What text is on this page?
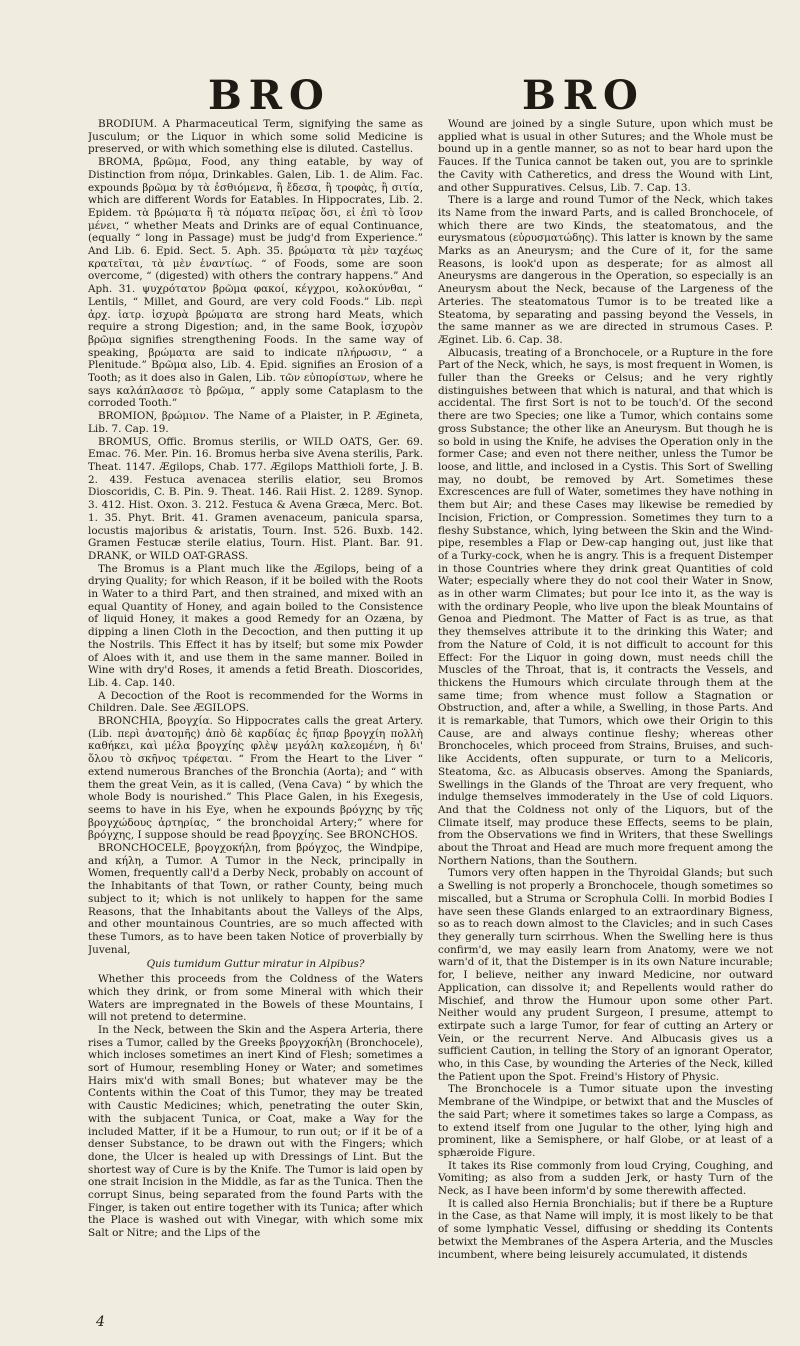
BRO	BRO

BRODIUM. A Pharmaceutical Term, signifying the same as Jusculum; or the Liquor in which some solid Medicine is preserved, or with which something else is diluted. Castellus.

BROMA, βρῶμα, Food, any thing eatable, by way of Distinction from πόμα, Drinkables. Galen, Lib. 1. de Alim. Fac. expounds βρῶμα by τὰ ἐσθιόμενα, ἢ ἔδεσα, ἢ τροφὰς, ἢ σιτία, which are different Words for Eatables. In Hippocrates, Lib. 2. Epidem. τὰ βρώματα ἢ τὰ πόματα πεῖρας ὅσι, εἰ ἐπὶ τὸ ἴσον μένει, “ whether Meats and Drinks are of equal Continuance, (equally “ long in Passage) must be judg'd from Experience.” And Lib. 6. Epid. Sect. 5. Aph. 35. βρώματα τὰ μὲν ταχέως κρατεῖται, τὰ μὲν ἐναντίως. “ of Foods, some are soon overcome, “ (digested) with others the contrary happens.” And Aph. 31. ψυχρότατον βρῶμα φακοί, κέγχροι, κολοκύνθαι, “ Lentils, “ Millet, and Gourd, are very cold Foods.” Lib. περὶ ἀρχ. ἰατρ. ἰσχυρὰ βρώματα are strong hard Meats, which require a strong Digestion; and, in the same Book, ἰσχυρὸν βρῶμα signifies strengthening Foods. In the same way of speaking, βρώματα are said to indicate πλήρωσιν, “ a Plenitude.” Βρῶμα also, Lib. 4. Epid. signifies an Erosion of a Tooth; as it does also in Galen, Lib. τῶν εὐπορίστων, where he says καλάπλασσε τὸ βρῶμα, “ apply some Cataplasm to the corroded Tooth.”

BROMION, βρώμιον. The Name of a Plaister, in P. Ægineta, Lib. 7. Cap. 19.

BROMUS, Offic. Bromus sterilis, or WILD OATS, Ger. 69. Emac. 76. Mer. Pin. 16. Bromus herba sive Avena sterilis, Park. Theat. 1147. Ægilops, Chab. 177. Ægilops Matthioli forte, J. B. 2. 439. Festuca avenacea sterilis elatior, seu Bromos Dioscoridis, C. B. Pin. 9. Theat. 146. Raii Hist. 2. 1289. Synop. 3. 412. Hist. Oxon. 3. 212. Festuca & Avena Græca, Merc. Bot. 1. 35. Phyt. Brit. 41. Gramen avenaceum, panicula sparsa, locustis majoribus & aristatis, Tourn. Inst. 526. Buxb. 142. Gramen Festucæ sterile elatius, Tourn. Hist. Plant. Bar. 91. DRANK, or WILD OAT-GRASS.

The Bromus is a Plant much like the Ægilops, being of a drying Quality; for which Reason, if it be boiled with the Roots in Water to a third Part, and then strained, and mixed with an equal Quantity of Honey, and again boiled to the Consistence of liquid Honey, it makes a good Remedy for an Ozæna, by dipping a linen Cloth in the Decoction, and then putting it up the Nostrils. This Effect it has by itself; but some mix Powder of Aloes with it, and use them in the same manner. Boiled in Wine with dry'd Roses, it amends a fetid Breath. Dioscorides, Lib. 4. Cap. 140.

A Decoction of the Root is recommended for the Worms in Children. Dale. See ÆGILOPS.

BRONCHIA, βρογχία. So Hippocrates calls the great Artery. (Lib. περὶ ἀνατομῆς) ἀπὸ δὲ καρδίας ἐς ἥπαρ βρογχίη πολλὴ καθήκει, καὶ μέλα βρογχίης φλὲψ μεγάλη καλεομένη, ἡ δι' ὅλου τὸ σκῆνος τρέφεται. “ From the Heart to the Liver “ extend numerous Branches of the Bronchia (Aorta); and “ with them the great Vein, as it is called, (Vena Cava) “ by which the whole Body is nourished.” This Place Galen, in his Exegesis, seems to have in his Eye, when he expounds βρόγχης by τῆς βρογχώδους ἀρτηρίας, “ the bronchoidal Artery;” where for βρόγχης, I suppose should be read βρογχίης. See BRONCHOS.

BRONCHOCELE, βρογχοκήλη, from βρόγχος, the Windpipe, and κήλη, a Tumor. A Tumor in the Neck, principally in Women, frequently call'd a Derby Neck, probably on account of the Inhabitants of that Town, or rather County, being much subject to it; which is not unlikely to happen for the same Reasons, that the Inhabitants about the Valleys of the Alps, and other mountainous Countries, are so much affected with these Tumors, as to have been taken Notice of proverbially by Juvenal,

Quis tumidum Guttur miratur in Alpibus?

Whether this proceeds from the Coldness of the Waters which they drink, or from some Mineral with which their Waters are impregnated in the Bowels of these Mountains, I will not pretend to determine.

In the Neck, between the Skin and the Aspera Arteria, there rises a Tumor, called by the Greeks βρογχοκήλη (Bronchocele), which incloses sometimes an inert Kind of Flesh; sometimes a sort of Humour, resembling Honey or Water; and sometimes Hairs mix'd with small Bones; but whatever may be the Contents within the Coat of this Tumor, they may be treated with Caustic Medicines; which, penetrating the outer Skin, with the subjacent Tunica, or Coat, make a Way for the included Matter, if it be a Humour, to run out; or if it be of a denser Substance, to be drawn out with the Fingers; which done, the Ulcer is healed up with Dressings of Lint. But the shortest way of Cure is by the Knife. The Tumor is laid open by one strait Incision in the Middle, as far as the Tunica. Then the corrupt Sinus, being separated from the found Parts with the Finger, is taken out entire together with its Tunica; after which the Place is washed out with Vinegar, with which some mix Salt or Nitre; and the Lips of the

Wound are joined by a single Suture, upon which must be applied what is usual in other Sutures; and the Whole must be bound up in a gentle manner, so as not to bear hard upon the Fauces. If the Tunica cannot be taken out, you are to sprinkle the Cavity with Catheretics, and dress the Wound with Lint, and other Suppuratives. Celsus, Lib. 7. Cap. 13.

There is a large and round Tumor of the Neck, which takes its Name from the inward Parts, and is called Bronchocele, of which there are two Kinds, the steatomatous, and the eurysmatous (εὐρυσματώδης). This latter is known by the same Marks as an Aneurysm; and the Cure of it, for the same Reasons, is look'd upon as desperate; for as almost all Aneurysms are dangerous in the Operation, so especially is an Aneurysm about the Neck, because of the Largeness of the Arteries. The steatomatous Tumor is to be treated like a Steatoma, by separating and passing beyond the Vessels, in the same manner as we are directed in strumous Cases. P. Æginet. Lib. 6. Cap. 38.

Albucasis, treating of a Bronchocele, or a Rupture in the fore Part of the Neck, which, he says, is most frequent in Women, is fuller than the Greeks or Celsus; and he very rightly distinguishes between that which is natural, and that which is accidental. The first Sort is not to be touch'd. Of the second there are two Species; one like a Tumor, which contains some gross Substance; the other like an Aneurysm. But though he is so bold in using the Knife, he advises the Operation only in the former Case; and even not there neither, unless the Tumor be loose, and little, and inclosed in a Cystis. This Sort of Swelling may, no doubt, be removed by Art. Sometimes these Excrescences are full of Water, sometimes they have nothing in them but Air; and these Cases may likewise be remedied by Incision, Friction, or Compression. Sometimes they turn to a fleshy Substance, which, lying between the Skin and the Wind-pipe, resembles a Flap or Dew-cap hanging out, just like that of a Turky-cock, when he is angry. This is a frequent Distemper in those Countries where they drink great Quantities of cold Water; especially where they do not cool their Water in Snow, as in other warm Climates; but pour Ice into it, as the way is with the ordinary People, who live upon the bleak Mountains of Genoa and Piedmont. The Matter of Fact is as true, as that they themselves attribute it to the drinking this Water; and from the Nature of Cold, it is not difficult to account for this Effect: For the Liquor in going down, must needs chill the Muscles of the Throat, that is, it contracts the Vessels, and thickens the Humours which circulate through them at the same time; from whence must follow a Stagnation or Obstruction, and, after a while, a Swelling, in those Parts. And it is remarkable, that Tumors, which owe their Origin to this Cause, are and always continue fleshy; whereas other Bronchoceles, which proceed from Strains, Bruises, and such-like Accidents, often suppurate, or turn to a Melicoris, Steatoma, &c. as Albucasis observes. Among the Spaniards, Swellings in the Glands of the Throat are very frequent, who indulge themselves immoderately in the Use of cold Liquors. And that the Coldness not only of the Liquors, but of the Climate itself, may produce these Effects, seems to be plain, from the Observations we find in Writers, that these Swellings about the Throat and Head are much more frequent among the Northern Nations, than the Southern.

Tumors very often happen in the Thyroidal Glands; but such a Swelling is not properly a Bronchocele, though sometimes so miscalled, but a Struma or Scrophula Colli. In morbid Bodies I have seen these Glands enlarged to an extraordinary Bigness, so as to reach down almost to the Clavicles; and in such Cases they generally turn scirrhous. When the Swelling here is thus confirm'd, we may easily learn from Anatomy, were we not warn'd of it, that the Distemper is in its own Nature incurable; for, I believe, neither any inward Medicine, nor outward Application, can dissolve it; and Repellents would rather do Mischief, and throw the Humour upon some other Part. Neither would any prudent Surgeon, I presume, attempt to extirpate such a large Tumor, for fear of cutting an Artery or Vein, or the recurrent Nerve. And Albucasis gives us a sufficient Caution, in telling the Story of an ignorant Operator, who, in this Case, by wounding the Arteries of the Neck, killed the Patient upon the Spot. Freind's History of Physic.

The Bronchocele is a Tumor situate upon the investing Membrane of the Windpipe, or betwixt that and the Muscles of the said Part; where it sometimes takes so large a Compass, as to extend itself from one Jugular to the other, lying high and prominent, like a Semisphere, or half Globe, or at least of a sphæroide Figure.

It takes its Rise commonly from loud Crying, Coughing, and Vomiting; as also from a sudden Jerk, or hasty Turn of the Neck, as I have been inform'd by some therewith affected.

It is called also Hernia Bronchialis; but if there be a Rupture in the Case, as that Name will imply, it is most likely to be that of some lymphatic Vessel, diffusing or shedding its Contents betwixt the Membranes of the Aspera Arteria, and the Muscles incumbent, where being leisurely accumulated, it distends

4
